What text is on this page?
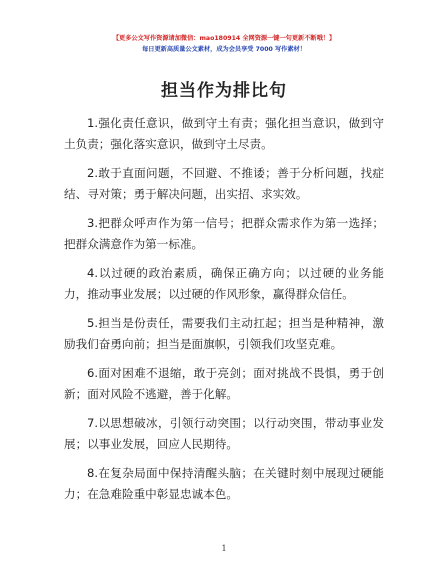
【更多公文写作资源请加微信：mao180914 全网资源一键一句更新不断哦！】
每日更新高质量公文素材，成为会员享受 7000 写作素材！
担当作为排比句

1.强化责任意识，做到守土有责；强化担当意识，做到守土负责；强化落实意识，做到守土尽责。

2.敢于直面问题，不回避、不推诿；善于分析问题，找症结、寻对策；勇于解决问题，出实招、求实效。

3.把群众呼声作为第一信号；把群众需求作为第一选择；把群众满意作为第一标准。

4.以过硬的政治素质，确保正确方向；以过硬的业务能力，推动事业发展；以过硬的作风形象，赢得群众信任。

5.担当是份责任，需要我们主动扛起；担当是种精神，激励我们奋勇向前；担当是面旗帜，引领我们攻坚克难。

6.面对困难不退缩，敢于亮剑；面对挑战不畏惧，勇于创新；面对风险不逃避，善于化解。

7.以思想破冰，引领行动突围；以行动突围，带动事业发展；以事业发展，回应人民期待。

8.在复杂局面中保持清醒头脑；在关键时刻中展现过硬能力；在急难险重中彰显忠诚本色。

1
